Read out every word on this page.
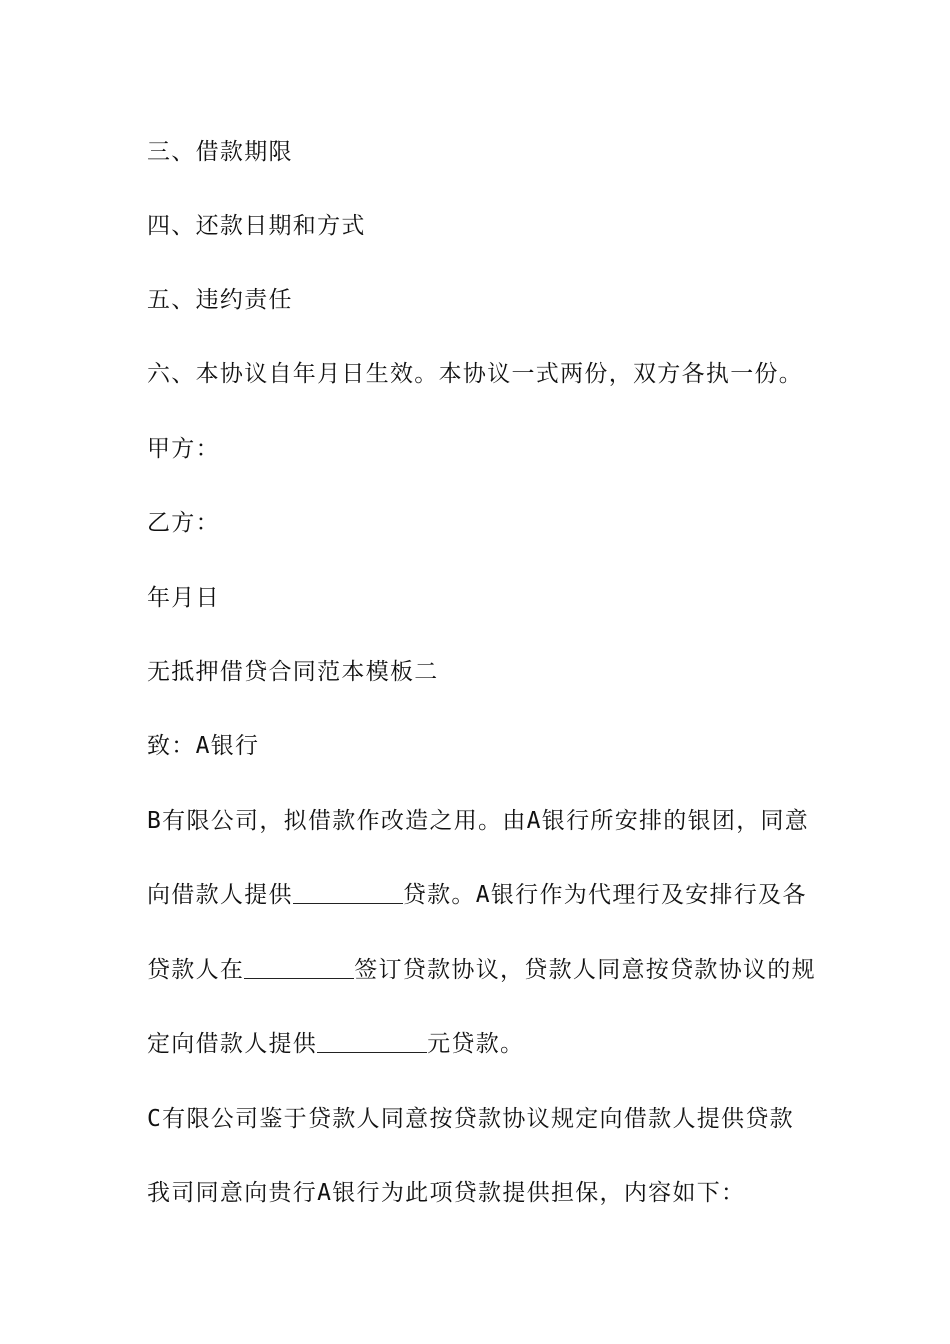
三、借款期限
四、还款日期和方式
五、违约责任
六、本协议自年月日生效。本协议一式两份，双方各执一份。
甲方：
乙方：
年月日
无抵押借贷合同范本模板二
致：A银行
B有限公司，拟借款作改造之用。由A银行所安排的银团，同意
向借款人提供	贷款。A银行作为代理行及安排行及各
贷款人在	签订贷款协议，贷款人同意按贷款协议的规
定向借款人提供	元贷款。
C有限公司鉴于贷款人同意按贷款协议规定向借款人提供贷款
我司同意向贵行A银行为此项贷款提供担保，内容如下：
